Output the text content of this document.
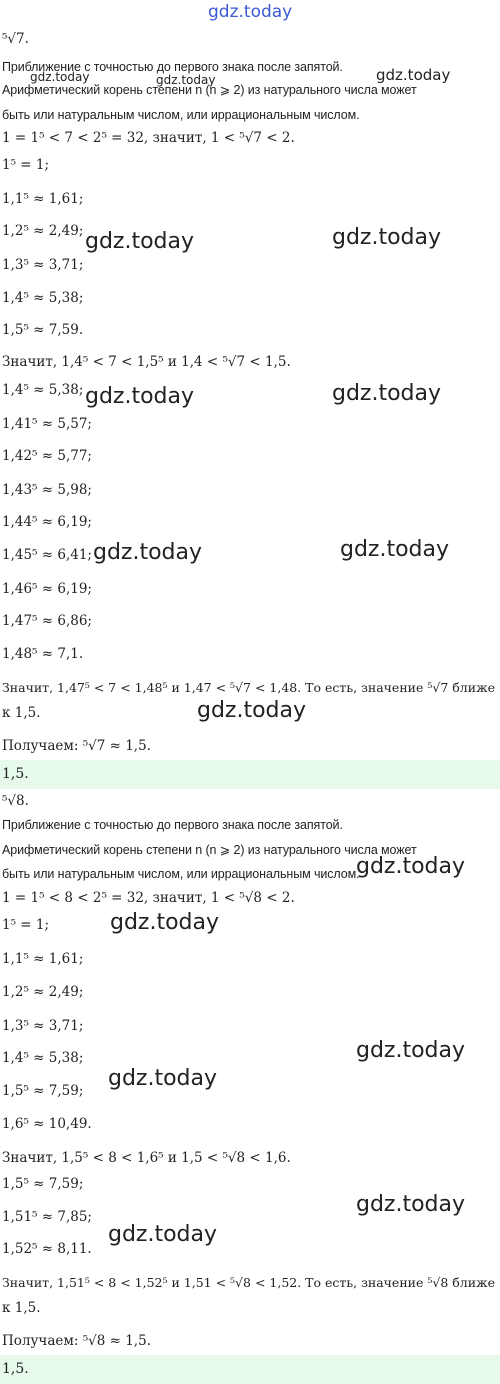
gdz.today
⁵√7.
Приближение с точностью до первого знака после запятой.
Арифметический корень степени n (n ⩾ 2) из натурального числа может
быть или натуральным числом, или иррациональным числом.
1 = 1⁵ < 7 < 2⁵ = 32, значит, 1 < ⁵√7 < 2.
1⁵ = 1;
1,1⁵ ≈ 1,61;
1,2⁵ ≈ 2,49;
1,3⁵ ≈ 3,71;
1,4⁵ ≈ 5,38;
1,5⁵ ≈ 7,59.
Значит, 1,4⁵ < 7 < 1,5⁵ и 1,4 < ⁵√7 < 1,5.
1,4⁵ ≈ 5,38;
1,41⁵ ≈ 5,57;
1,42⁵ ≈ 5,77;
1,43⁵ ≈ 5,98;
1,44⁵ ≈ 6,19;
1,45⁵ ≈ 6,41;
1,46⁵ ≈ 6,19;
1,47⁵ ≈ 6,86;
1,48⁵ ≈ 7,1.
Значит, 1,47⁵ < 7 < 1,48⁵ и 1,47 < ⁵√7 < 1,48. То есть, значение ⁵√7 ближе
к 1,5.
Получаем: ⁵√7 ≈ 1,5.
1,5.
⁵√8.
Приближение с точностью до первого знака после запятой.
Арифметический корень степени n (n ⩾ 2) из натурального числа может
быть или натуральным числом, или иррациональным числом.
1 = 1⁵ < 8 < 2⁵ = 32, значит, 1 < ⁵√8 < 2.
1⁵ = 1;
1,1⁵ ≈ 1,61;
1,2⁵ ≈ 2,49;
1,3⁵ ≈ 3,71;
1,4⁵ ≈ 5,38;
1,5⁵ ≈ 7,59;
1,6⁵ ≈ 10,49.
Значит, 1,5⁵ < 8 < 1,6⁵ и 1,5 < ⁵√8 < 1,6.
1,5⁵ ≈ 7,59;
1,51⁵ ≈ 7,85;
1,52⁵ ≈ 8,11.
Значит, 1,51⁵ < 8 < 1,52⁵ и 1,51 < ⁵√8 < 1,52. То есть, значение ⁵√8 ближе
к 1,5.
Получаем: ⁵√8 ≈ 1,5.
1,5.
gdz.today	gdz.today	gdz.today
gdz.today	gdz.today
gdz.today	gdz.today
gdz.today	gdz.today
gdz.today
gdz.today
gdz.today
gdz.today
gdz.today
gdz.today
gdz.today
